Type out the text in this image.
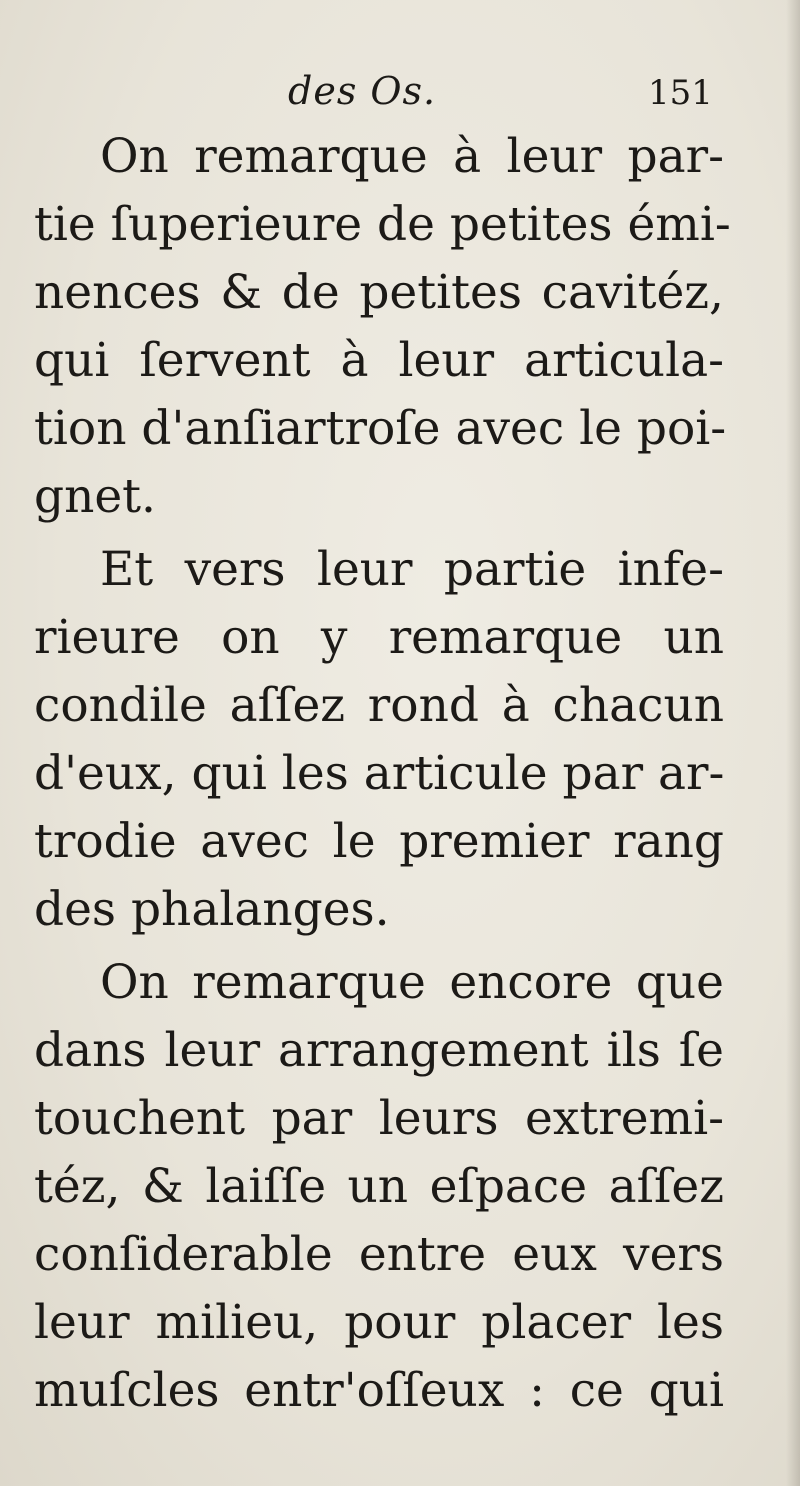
des Os.	151
On remarque à leur par-
tie ſuperieure de petites émi-
nences & de petites cavitéz,
qui ſervent à leur articula-
tion d'anſiartroſe avec le poi-
gnet.
Et vers leur partie infe-
rieure on y remarque un
condile aſſez rond à chacun
d'eux, qui les articule par ar-
trodie avec le premier rang
des phalanges.
On remarque encore que
dans leur arrangement ils ſe
touchent par leurs extremi-
téz, & laiſſe un eſpace aſſez
conſiderable entre eux vers
leur milieu, pour placer les
muſcles entr'oſſeux : ce qui
